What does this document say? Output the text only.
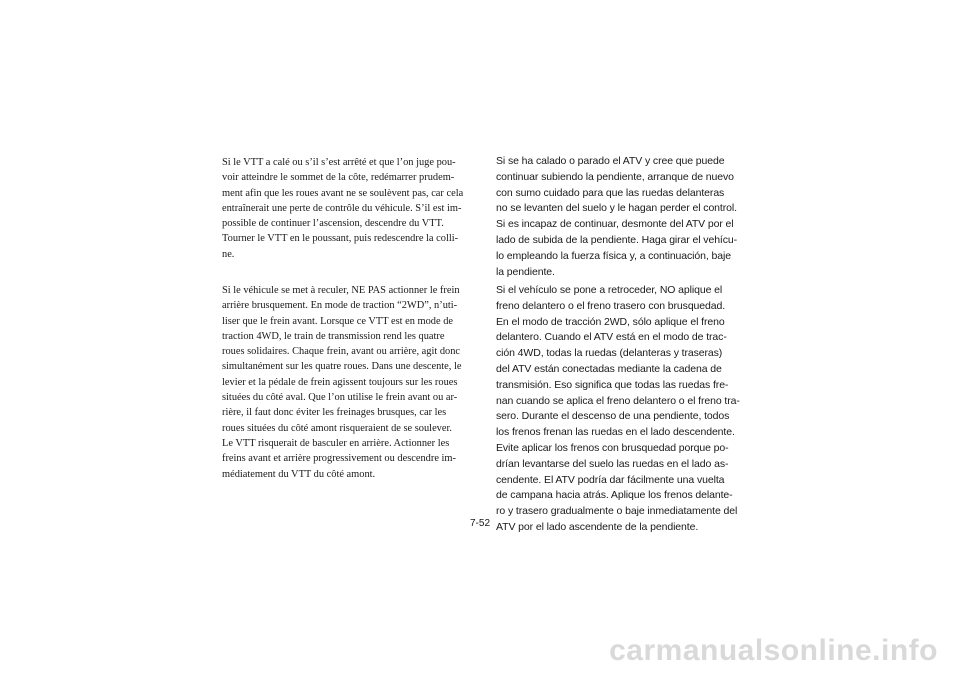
Si le VTT a calé ou s’il s’est arrêté et que l’on juge pou-
voir atteindre le sommet de la côte, redémarrer prudem-
ment afin que les roues avant ne se soulèvent pas, car cela
entraînerait une perte de contrôle du véhicule. S’il est im-
possible de continuer l’ascension, descendre du VTT.
Tourner le VTT en le poussant, puis redescendre la colli-
ne.

Si le véhicule se met à reculer, NE PAS actionner le frein
arrière brusquement. En mode de traction “2WD”, n’uti-
liser que le frein avant. Lorsque ce VTT est en mode de
traction 4WD, le train de transmission rend les quatre
roues solidaires. Chaque frein, avant ou arrière, agit donc
simultanément sur les quatre roues. Dans une descente, le
levier et la pédale de frein agissent toujours sur les roues
situées du côté aval. Que l’on utilise le frein avant ou ar-
rière, il faut donc éviter les freinages brusques, car les
roues situées du côté amont risqueraient de se soulever.
Le VTT risquerait de basculer en arrière. Actionner les
freins avant et arrière progressivement ou descendre im-
médiatement du VTT du côté amont.

Si se ha calado o parado el ATV y cree que puede
continuar subiendo la pendiente, arranque de nuevo
con sumo cuidado para que las ruedas delanteras
no se levanten del suelo y le hagan perder el control.
Si es incapaz de continuar, desmonte del ATV por el
lado de subida de la pendiente. Haga girar el vehícu-
lo empleando la fuerza física y, a continuación, baje
la pendiente.

Si el vehículo se pone a retroceder, NO aplique el
freno delantero o el freno trasero con brusquedad.
En el modo de tracción 2WD, sólo aplique el freno
delantero. Cuando el ATV está en el modo de trac-
ción 4WD, todas la ruedas (delanteras y traseras)
del ATV están conectadas mediante la cadena de
transmisión. Eso significa que todas las ruedas fre-
nan cuando se aplica el freno delantero o el freno tra-
sero. Durante el descenso de una pendiente, todos
los frenos frenan las ruedas en el lado descendente.
Evite aplicar los frenos con brusquedad porque po-
drían levantarse del suelo las ruedas en el lado as-
cendente. El ATV podría dar fácilmente una vuelta
de campana hacia atrás. Aplique los frenos delante-
ro y trasero gradualmente o baje inmediatamente del
ATV por el lado ascendente de la pendiente.

7-52
carmanualsonline.info
